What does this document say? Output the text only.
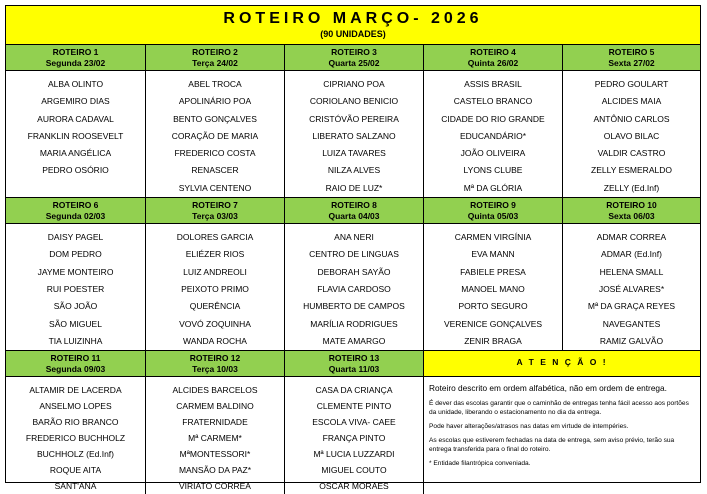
ROTEIRO MARÇO- 2026
(90 UNIDADES)
ROTEIRO 1
Segunda 23/02
ALBA OLINTO
ARGEMIRO DIAS
AURORA CADAVAL
FRANKLIN ROOSEVELT
MARIA ANGÉLICA
PEDRO OSÓRIO
ROTEIRO 2
Terça 24/02
ABEL TROCA
APOLINÁRIO POA
BENTO GONÇALVES
CORAÇÃO DE MARIA
FREDERICO COSTA
RENASCER
SYLVIA CENTENO
ROTEIRO 3
Quarta 25/02
CIPRIANO POA
CORIOLANO BENICIO
CRISTÓVÃO PEREIRA
LIBERATO SALZANO
LUIZA TAVARES
NILZA ALVES
RAIO DE LUZ*
ROTEIRO 4
Quinta 26/02
ASSIS BRASIL
CASTELO BRANCO
CIDADE DO RIO GRANDE
EDUCANDÁRIO*
JOÃO OLIVEIRA
LYONS CLUBE
Mª DA GLÓRIA
ROTEIRO 5
Sexta 27/02
PEDRO GOULART
ALCIDES MAIA
ANTÔNIO CARLOS
OLAVO BILAC
VALDIR CASTRO
ZELLY ESMERALDO
ZELLY (Ed.Inf)
ROTEIRO 6
Segunda 02/03
DAISY PAGEL
DOM PEDRO
JAYME MONTEIRO
RUI POESTER
SÃO JOÃO
SÃO MIGUEL
TIA LUIZINHA
ROTEIRO 7
Terça 03/03
DOLORES GARCIA
ELIÉZER RIOS
LUIZ ANDREOLI
PEIXOTO PRIMO
QUERÊNCIA
VOVÓ ZOQUINHA
WANDA ROCHA
ROTEIRO 8
Quarta 04/03
ANA NERI
CENTRO DE LINGUAS
DEBORAH SAYÃO
FLAVIA CARDOSO
HUMBERTO DE CAMPOS
MARÍLIA RODRIGUES
MATE AMARGO
ROTEIRO 9
Quinta 05/03
CARMEN VIRGÍNIA
EVA MANN
FABIELE PRESA
MANOEL MANO
PORTO SEGURO
VERENICE GONÇALVES
ZENIR BRAGA
ROTEIRO 10
Sexta 06/03
ADMAR CORREA
ADMAR (Ed.Inf)
HELENA SMALL
JOSÉ ALVARES*
Mª DA GRAÇA REYES
NAVEGANTES
RAMIZ GALVÃO
ROTEIRO 11
Segunda 09/03
ALTAMIR DE LACERDA
ANSELMO LOPES
BARÃO RIO BRANCO
FREDERICO BUCHHOLZ
BUCHHOLZ (Ed.Inf)
ROQUE AITA
SANT'ANA
ROTEIRO 12
Terça 10/03
ALCIDES BARCELOS
CARMEM BALDINO
FRATERNIDADE
Mª CARMEM*
MªMONTESSORI*
MANSÃO DA PAZ*
VIRIATO CORREA
ROTEIRO 13
Quarta 11/03
CASA DA CRIANÇA
CLEMENTE PINTO
ESCOLA VIVA- CAEE
FRANÇA PINTO
Mª LUCIA LUZZARDI
MIGUEL COUTO
OSCAR MORAES
A T E N Ç Ã O !

Roteiro descrito em ordem alfabética, não em ordem de entrega.

É dever das escolas garantir que o caminhão de entregas tenha fácil acesso aos portões da unidade, liberando o estacionamento no dia da entrega.

Pode haver alterações/atrasos nas datas em virtude de intempéries.

As escolas que estiverem fechadas na data de entrega, sem aviso prévio, terão sua entrega transferida para o final do roteiro.

* Entidade filantrópica conveniada.
